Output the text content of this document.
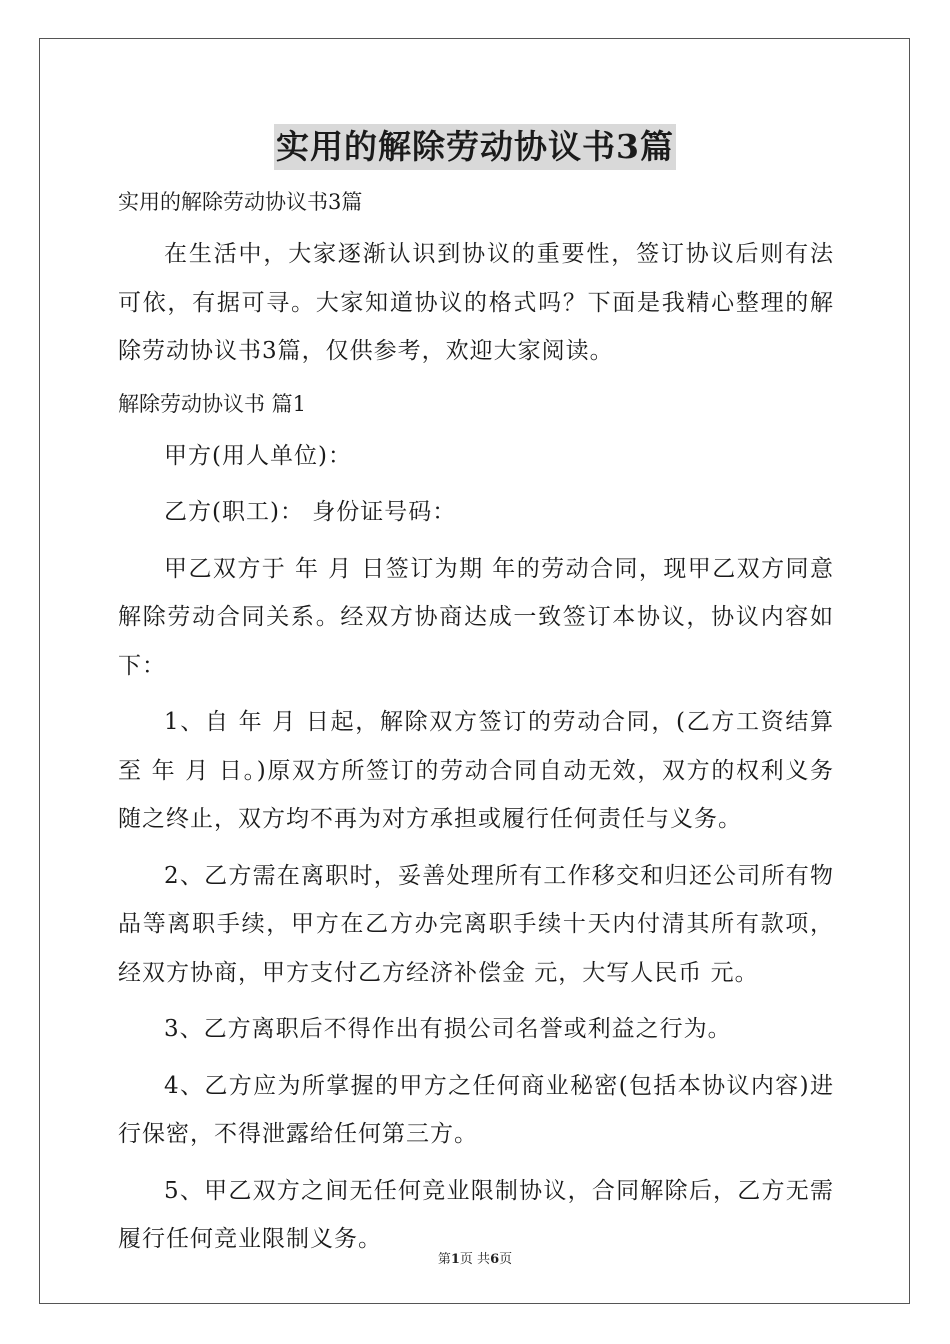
实用的解除劳动协议书3篇

实用的解除劳动协议书3篇

在生活中，大家逐渐认识到协议的重要性，签订协议后则有法可依，有据可寻。大家知道协议的格式吗？下面是我精心整理的解除劳动协议书3篇，仅供参考，欢迎大家阅读。

解除劳动协议书 篇1

甲方(用人单位)：

乙方(职工)： 身份证号码：

甲乙双方于 年 月 日签订为期 年的劳动合同，现甲乙双方同意解除劳动合同关系。经双方协商达成一致签订本协议，协议内容如下：

1、自 年 月 日起，解除双方签订的劳动合同，(乙方工资结算至 年 月 日。)原双方所签订的劳动合同自动无效，双方的权利义务随之终止，双方均不再为对方承担或履行任何责任与义务。

2、乙方需在离职时，妥善处理所有工作移交和归还公司所有物品等离职手续，甲方在乙方办完离职手续十天内付清其所有款项，经双方协商，甲方支付乙方经济补偿金 元，大写人民币 元。

3、乙方离职后不得作出有损公司名誉或利益之行为。

4、乙方应为所掌握的甲方之任何商业秘密(包括本协议内容)进行保密，不得泄露给任何第三方。

5、甲乙双方之间无任何竞业限制协议，合同解除后，乙方无需履行任何竞业限制义务。

第1页 共6页
